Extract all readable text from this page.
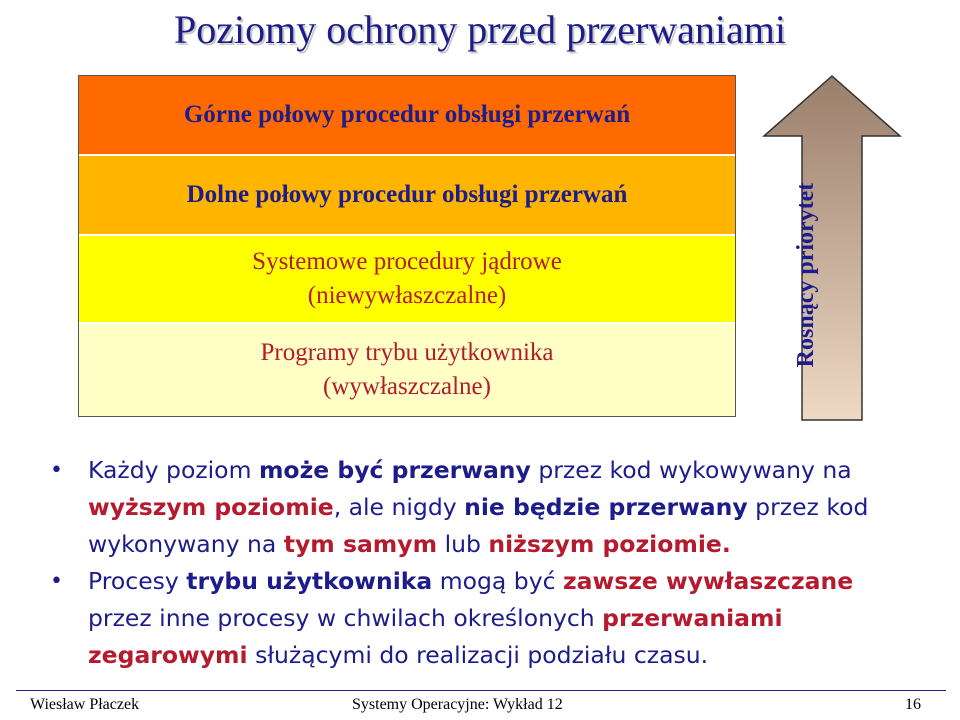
Poziomy ochrony przed przerwaniami
Górne połowy procedur obsługi przerwań
Dolne połowy procedur obsługi przerwań
Systemowe procedury jądrowe
(niewywłaszczalne)
Programy trybu użytkownika
(wywłaszczalne)
Rosnący priorytet
•	Każdy poziom może być przerwany przez kod wykowywany na wyższym poziomie, ale nigdy nie będzie przerwany przez kod wykonywany na tym samym lub niższym poziomie.
•	Procesy trybu użytkownika mogą być zawsze wywłaszczane przez inne procesy w chwilach określonych przerwaniami zegarowymi służącymi do realizacji podziału czasu.
Wiesław Płaczek	Systemy Operacyjne: Wykład 12	16
